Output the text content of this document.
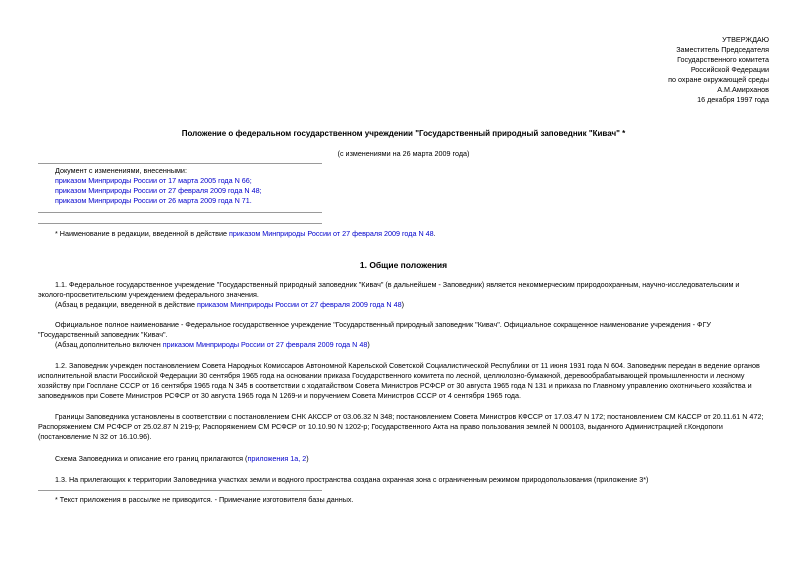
УТВЕРЖДАЮ
Заместитель Председателя
Государственного комитета
Российской Федерации
по охране окружающей среды
А.М.Амирханов
16 декабря 1997 года
Положение о федеральном государственном учреждении "Государственный природный заповедник "Кивач" *
(с изменениями на 26 марта 2009 года)
Документ с изменениями, внесенными:
приказом Минприроды России от 17 марта 2005 года N 66;
приказом Минприроды России от 27 февраля 2009 года N 48;
приказом Минприроды России от 26 марта 2009 года N 71.
* Наименование в редакции, введенной в действие приказом Минприроды России от 27 февраля 2009 года N 48.
1. Общие положения
1.1. Федеральное государственное учреждение "Государственный природный заповедник "Кивач" (в дальнейшем - Заповедник) является некоммерческим природоохранным, научно-исследовательским и
эколого-просветительским учреждением федерального значения.
(Абзац в редакции, введенной в действие приказом Минприроды России от 27 февраля 2009 года N 48)
Официальное полное наименование - Федеральное государственное учреждение "Государственный природный заповедник "Кивач". Официальное сокращенное наименование учреждения - ФГУ
"Государственный заповедник "Кивач".
(Абзац дополнительно включен приказом Минприроды России от 27 февраля 2009 года N 48)
1.2. Заповедник учрежден постановлением Совета Народных Комиссаров Автономной Карельской Советской Социалистической Республики от 11 июня 1931 года N 604. Заповедник передан в ведение органов
исполнительной власти Российской Федерации 30 сентября 1965 года на основании приказа Государственного комитета по лесной, целлюлозно-бумажной, деревообрабатывающей промышленности и лесному
хозяйству при Госплане СССР от 16 сентября 1965 года N 345 в соответствии с ходатайством Совета Министров РСФСР от 30 августа 1965 года N 131 и приказа по Главному управлению охотничьего хозяйства и
заповедников при Совете Министров РСФСР от 30 августа 1965 года N 1269-и и поручением Совета Министров СССР от 4 сентября 1965 года.
Границы Заповедника установлены в соответствии с постановлением СНК АКССР от 03.06.32 N 348; постановлением Совета Министров КФССР от 17.03.47 N 172; постановлением СМ КАССР от 20.11.61 N 472;
Распоряжением СМ РСФСР от 25.02.87 N 219-р; Распоряжением СМ РСФСР от 10.10.90 N 1202-р; Государственного Акта на право пользования землей N 000103, выданного Администрацией г.Кондопоги
(постановление N 32 от 16.10.96).
Схема Заповедника и описание его границ прилагаются (приложения 1а, 2)
1.3. На прилегающих к территории Заповедника участках земли и водного пространства создана охранная зона с ограниченным режимом природопользования (приложение 3*)
* Текст приложения в рассылке не приводится. - Примечание изготовителя базы данных.
